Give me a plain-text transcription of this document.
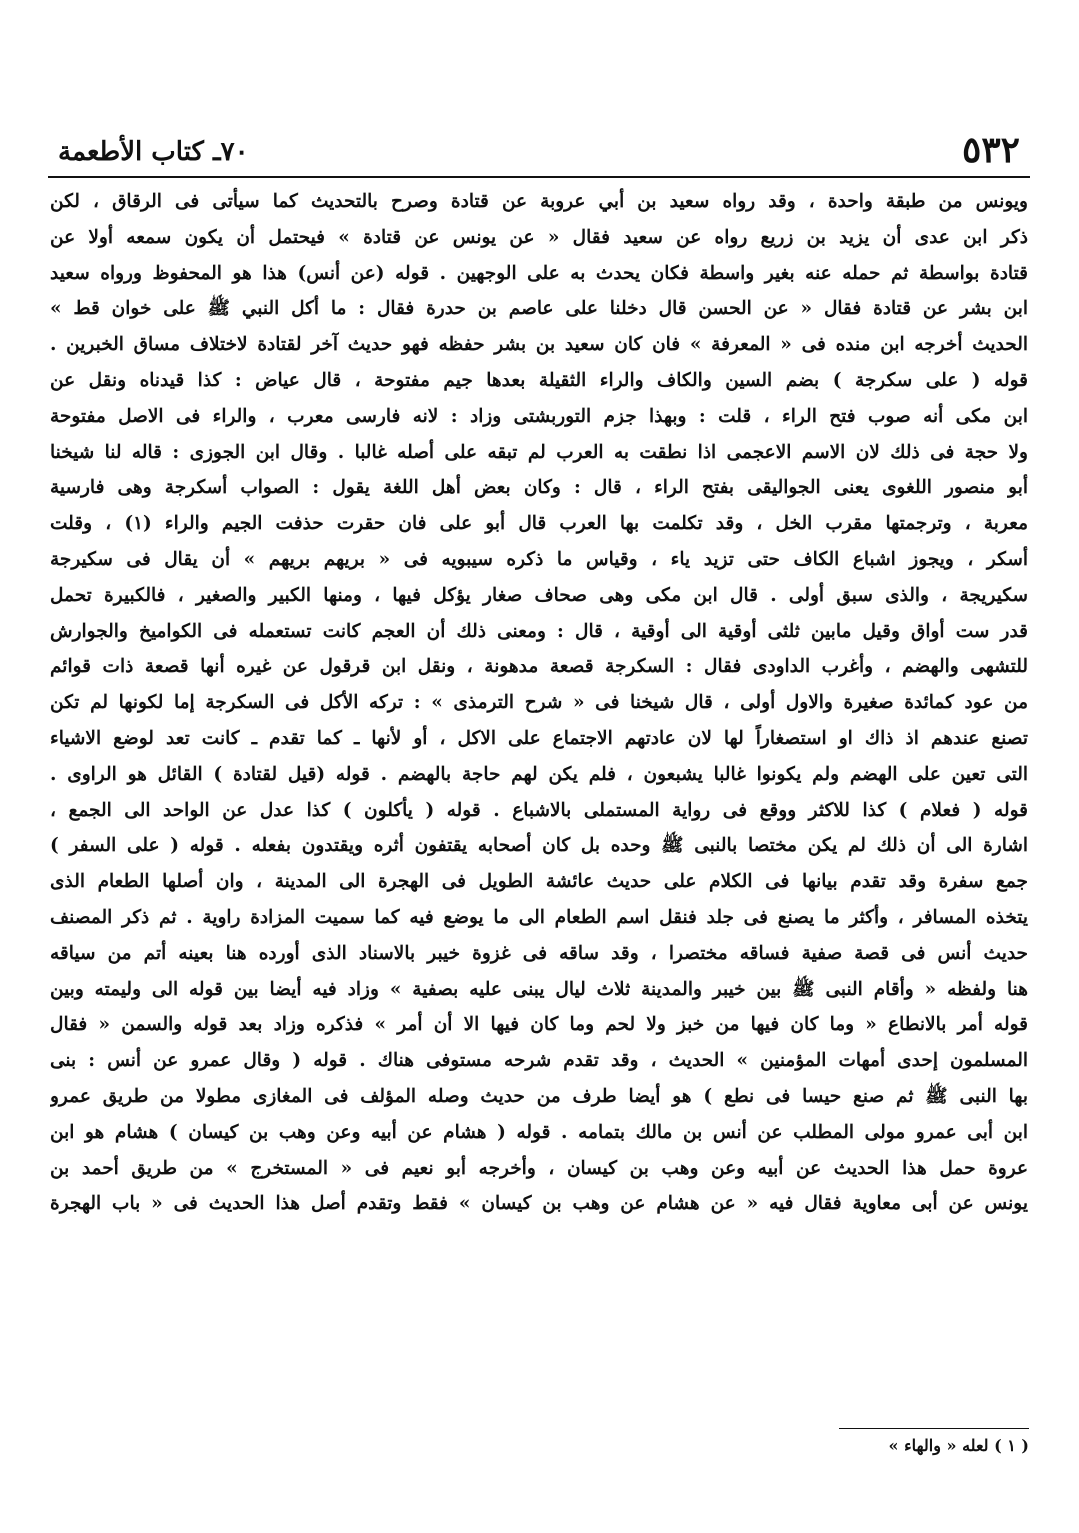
٥٣٢
٧٠ـ كتاب الأطعمة
ويونس من طبقة واحدة ، وقد رواه سعيد بن أبي عروبة عن قتادة وصرح بالتحديث كما سيأتى فى الرقاق ، لكن
ذكر ابن عدى أن يزيد بن زريع رواه عن سعيد فقال « عن يونس عن قتادة » فيحتمل أن يكون سمعه أولا عن
قتادة بواسطة ثم حمله عنه بغير واسطة فكان يحدث به على الوجهين . قوله (عن أنس) هذا هو المحفوظ ورواه سعيد
ابن بشر عن قتادة فقال « عن الحسن قال دخلنا على عاصم بن حدرة فقال : ما أكل النبي ﷺ على خوان قط »
الحديث أخرجه ابن منده فى « المعرفة » فان كان سعيد بن بشر حفظه فهو حديث آخر لقتادة لاختلاف مساق الخبرين .
قوله ( على سكرجة ) بضم السين والكاف والراء الثقيلة بعدها جيم مفتوحة ، قال عياض : كذا قيدناه ونقل عن
ابن مكى أنه صوب فتح الراء ، قلت : وبهذا جزم التوربشتى وزاد : لانه فارسى معرب ، والراء فى الاصل مفتوحة
ولا حجة فى ذلك لان الاسم الاعجمى اذا نطقت به العرب لم تبقه على أصله غالبا . وقال ابن الجوزى : قاله لنا شيخنا
أبو منصور اللغوى يعنى الجواليقى بفتح الراء ، قال : وكان بعض أهل اللغة يقول : الصواب أسكرجة وهى فارسية
معربة ، وترجمتها مقرب الخل ، وقد تكلمت بها العرب قال أبو على فان حقرت حذفت الجيم والراء (١) ، وقلت
أسكر ، ويجوز اشباع الكاف حتى تزيد ياء ، وقياس ما ذكره سيبويه فى « بريهم بريهم » أن يقال فى سكيرجة
سكيريجة ، والذى سبق أولى . قال ابن مكى وهى صحاف صغار يؤكل فيها ، ومنها الكبير والصغير ، فالكبيرة تحمل
قدر ست أواق وقيل مابين ثلثى أوقية الى أوقية ، قال : ومعنى ذلك أن العجم كانت تستعمله فى الكواميخ والجوارش
للتشهى والهضم ، وأغرب الداودى فقال : السكرجة قصعة مدهونة ، ونقل ابن قرقول عن غيره أنها قصعة ذات قوائم
من عود كمائدة صغيرة والاول أولى ، قال شيخنا فى « شرح الترمذى » : تركه الأكل فى السكرجة إما لكونها لم تكن
تصنع عندهم اذ ذاك او استصغاراً لها لان عادتهم الاجتماع على الاكل ، أو لأنها ـ كما تقدم ـ كانت تعد لوضع الاشياء
التى تعين على الهضم ولم يكونوا غالبا يشبعون ، فلم يكن لهم حاجة بالهضم . قوله (قيل لقتادة ) القائل هو الراوى .
قوله ( فعلام ) كذا للاكثر ووقع فى رواية المستملى بالاشباع . قوله ( يأكلون ) كذا عدل عن الواحد الى الجمع ،
اشارة الى أن ذلك لم يكن مختصا بالنبى ﷺ وحده بل كان أصحابه يقتفون أثره ويقتدون بفعله . قوله ( على السفر )
جمع سفرة وقد تقدم بيانها فى الكلام على حديث عائشة الطويل فى الهجرة الى المدينة ، وان أصلها الطعام الذى
يتخذه المسافر ، وأكثر ما يصنع فى جلد فنقل اسم الطعام الى ما يوضع فيه كما سميت المزادة راوية . ثم ذكر المصنف
حديث أنس فى قصة صفية فساقه مختصرا ، وقد ساقه فى غزوة خيبر بالاسناد الذى أورده هنا بعينه أتم من سياقه
هنا ولفظه « وأقام النبى ﷺ بين خيبر والمدينة ثلاث ليال يبنى عليه بصفية » وزاد فيه أيضا بين قوله الى وليمته وبين
قوله أمر بالانطاع « وما كان فيها من خبز ولا لحم وما كان فيها الا أن أمر » فذكره وزاد بعد قوله والسمن « فقال
المسلمون إحدى أمهات المؤمنين » الحديث ، وقد تقدم شرحه مستوفى هناك . قوله ( وقال عمرو عن أنس : بنى
بها النبى ﷺ ثم صنع حيسا فى نطع ) هو أيضا طرف من حديث وصله المؤلف فى المغازى مطولا من طريق عمرو
ابن أبى عمرو مولى المطلب عن أنس بن مالك بتمامه . قوله ( هشام عن أبيه وعن وهب بن كيسان ) هشام هو ابن
عروة حمل هذا الحديث عن أبيه وعن وهب بن كيسان ، وأخرجه أبو نعيم فى « المستخرج » من طريق أحمد بن
يونس عن أبى معاوية فقال فيه « عن هشام عن وهب بن كيسان » فقط وتقدم أصل هذا الحديث فى « باب الهجرة
( ١ ) لعله « والهاء »
